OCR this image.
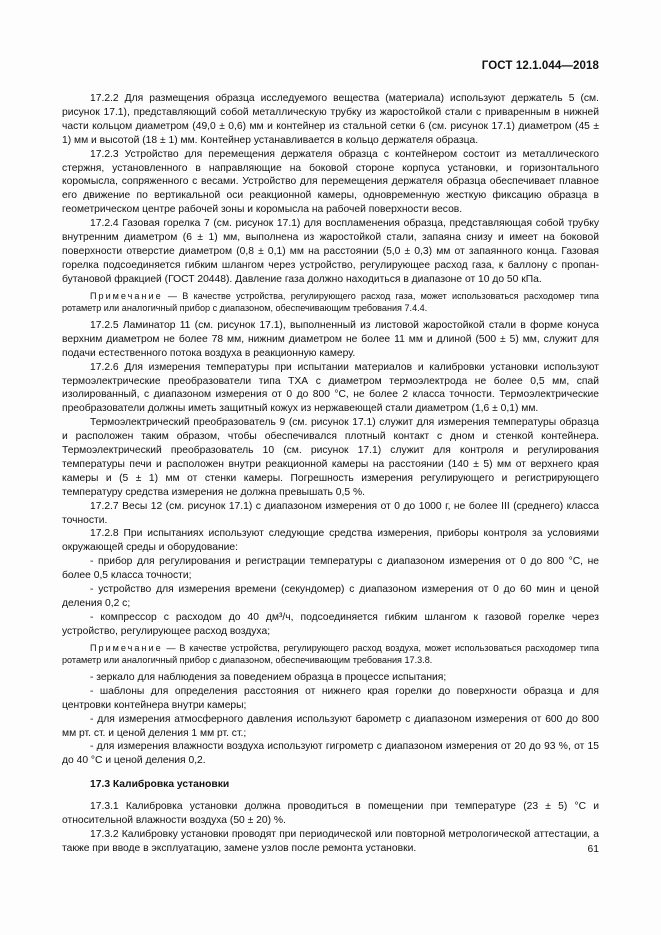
ГОСТ 12.1.044—2018

17.2.2 Для размещения образца исследуемого вещества (материала) используют держатель 5 (см. рисунок 17.1), представляющий собой металлическую трубку из жаростойкой стали с приваренным в нижней части кольцом диаметром (49,0 ± 0,6) мм и контейнер из стальной сетки 6 (см. рисунок 17.1) диаметром (45 ± 1) мм и высотой (18 ± 1) мм. Контейнер устанавливается в кольцо держателя образца.

17.2.3 Устройство для перемещения держателя образца с контейнером состоит из металлического стержня, установленного в направляющие на боковой стороне корпуса установки, и горизонтального коромысла, сопряженного с весами. Устройство для перемещения держателя образца обеспечивает плавное его движение по вертикальной оси реакционной камеры, одновременную жесткую фиксацию образца в геометрическом центре рабочей зоны и коромысла на рабочей поверхности весов.

17.2.4 Газовая горелка 7 (см. рисунок 17.1) для воспламенения образца, представляющая собой трубку внутренним диаметром (6 ± 1) мм, выполнена из жаростойкой стали, запаяна снизу и имеет на боковой поверхности отверстие диаметром (0,8 ± 0,1) мм на расстоянии (5,0 ± 0,3) мм от запаянного конца. Газовая горелка подсоединяется гибким шлангом через устройство, регулирующее расход газа, к баллону с пропан-бутановой фракцией (ГОСТ 20448). Давление газа должно находиться в диапазоне от 10 до 50 кПа.

Примечание — В качестве устройства, регулирующего расход газа, может использоваться расходомер типа ротаметр или аналогичный прибор с диапазоном, обеспечивающим требования 7.4.4.

17.2.5 Ламинатор 11 (см. рисунок 17.1), выполненный из листовой жаростойкой стали в форме конуса верхним диаметром не более 78 мм, нижним диаметром не более 11 мм и длиной (500 ± 5) мм, служит для подачи естественного потока воздуха в реакционную камеру.

17.2.6 Для измерения температуры при испытании материалов и калибровки установки используют термоэлектрические преобразователи типа ТХА с диаметром термоэлектрода не более 0,5 мм, спай изолированный, с диапазоном измерения от 0 до 800 °С, не более 2 класса точности. Термоэлектрические преобразователи должны иметь защитный кожух из нержавеющей стали диаметром (1,6 ± 0,1) мм.

Термоэлектрический преобразователь 9 (см. рисунок 17.1) служит для измерения температуры образца и расположен таким образом, чтобы обеспечивался плотный контакт с дном и стенкой контейнера. Термоэлектрический преобразователь 10 (см. рисунок 17.1) служит для контроля и регулирования температуры печи и расположен внутри реакционной камеры на расстоянии (140 ± 5) мм от верхнего края камеры и (5 ± 1) мм от стенки камеры. Погрешность измерения регулирующего и регистрирующего температуру средства измерения не должна превышать 0,5 %.

17.2.7 Весы 12 (см. рисунок 17.1) с диапазоном измерения от 0 до 1000 г, не более III (среднего) класса точности.

17.2.8 При испытаниях используют следующие средства измерения, приборы контроля за условиями окружающей среды и оборудование:

- прибор для регулирования и регистрации температуры с диапазоном измерения от 0 до 800 °С, не более 0,5 класса точности;

- устройство для измерения времени (секундомер) с диапазоном измерения от 0 до 60 мин и ценой деления 0,2 с;

- компрессор с расходом до 40 дм³/ч, подсоединяется гибким шлангом к газовой горелке через устройство, регулирующее расход воздуха;

Примечание — В качестве устройства, регулирующего расход воздуха, может использоваться расходомер типа ротаметр или аналогичный прибор с диапазоном, обеспечивающим требования 17.3.8.

- зеркало для наблюдения за поведением образца в процессе испытания;

- шаблоны для определения расстояния от нижнего края горелки до поверхности образца и для центровки контейнера внутри камеры;

- для измерения атмосферного давления используют барометр с диапазоном измерения от 600 до 800 мм рт. ст. и ценой деления 1 мм рт. ст.;

- для измерения влажности воздуха используют гигрометр с диапазоном измерения от 20 до 93 %, от 15 до 40 °С и ценой деления 0,2.

17.3 Калибровка установки

17.3.1 Калибровка установки должна проводиться в помещении при температуре (23 ± 5) °С и относительной влажности воздуха (50 ± 20) %.

17.3.2 Калибровку установки проводят при периодической или повторной метрологической аттестации, а также при вводе в эксплуатацию, замене узлов после ремонта установки.	61
